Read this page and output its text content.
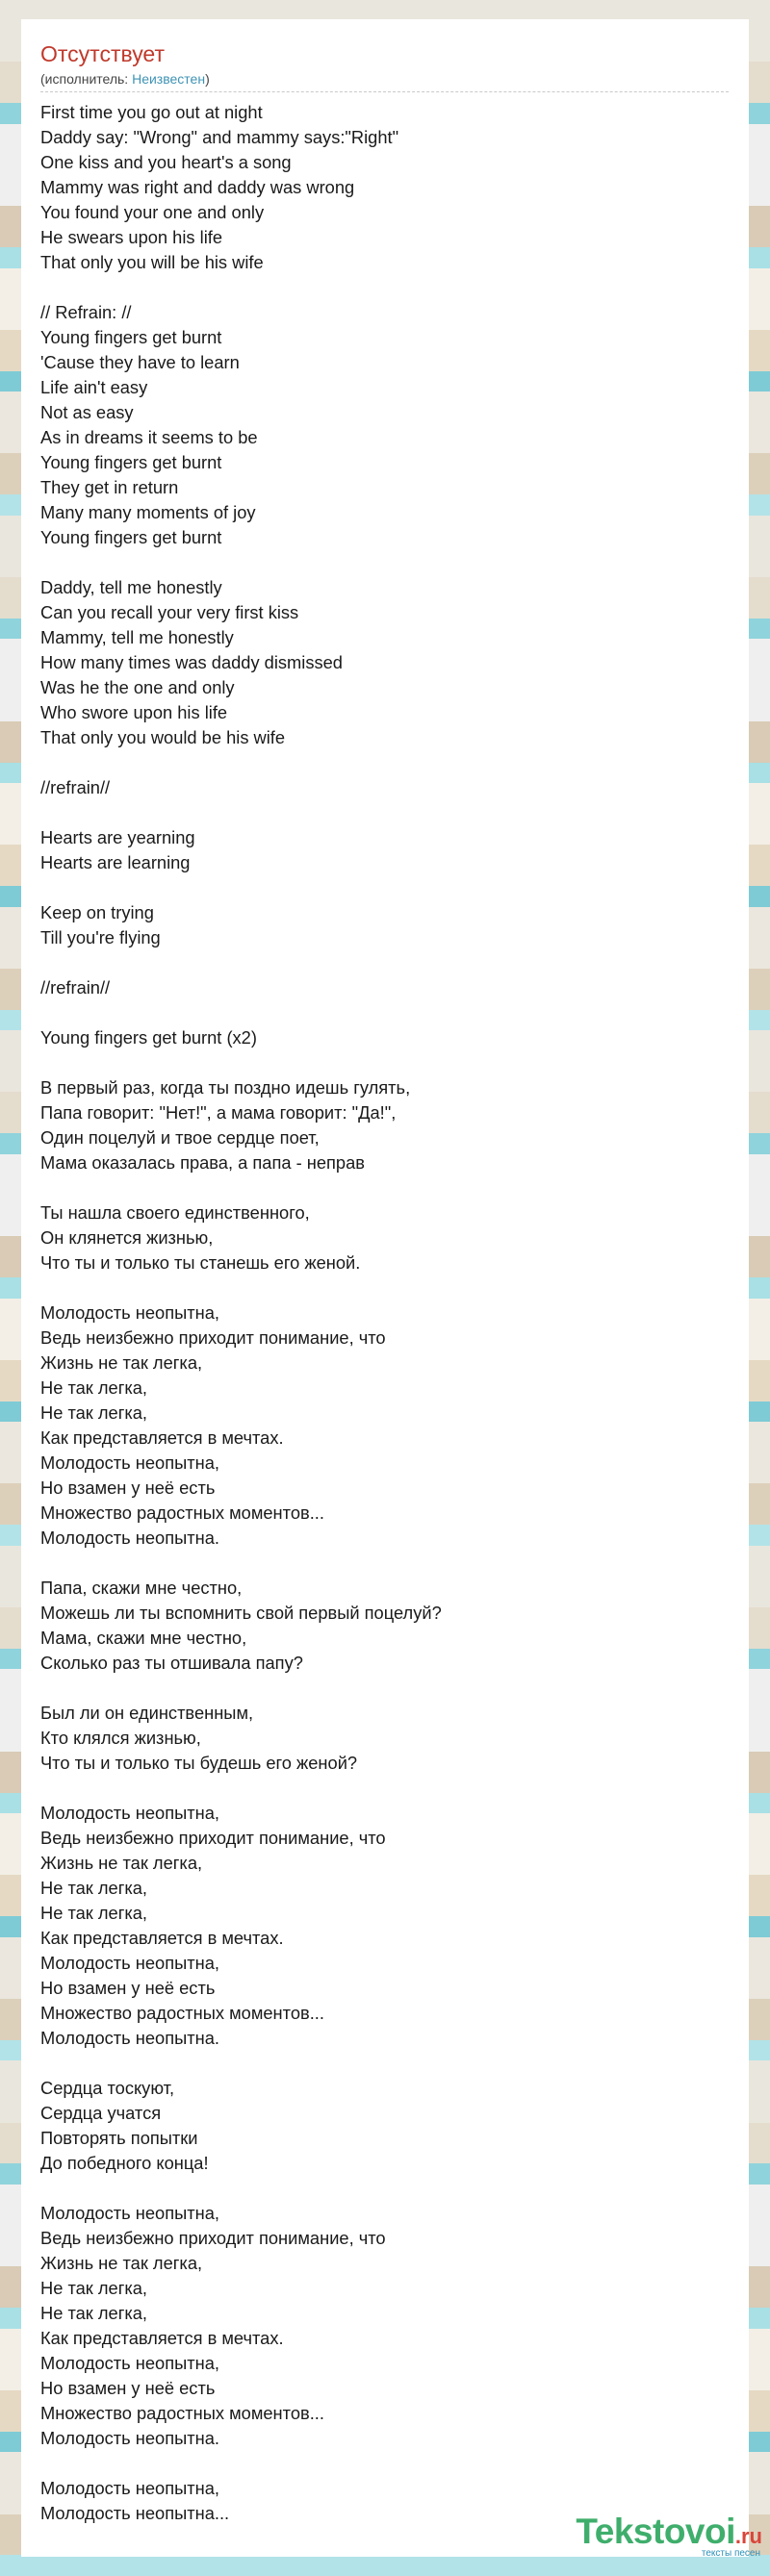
Отсутствует
(исполнитель: Неизвестен)
First time you go out at night
Daddy say: "Wrong" and mammy says:"Right"
One kiss and you heart's a song
Mammy was right and daddy was wrong
You found your one and only
He swears upon his life
That only you will be his wife
// Refrain: //
Young fingers get burnt
'Cause they have to learn
Life ain't easy
Not as easy
As in dreams it seems to be
Young fingers get burnt
They get in return
Many many moments of joy
Young fingers get burnt
Daddy, tell me honestly
Can you recall your very first kiss
Mammy, tell me honestly
How many times was daddy dismissed
Was he the one and only
Who swore upon his life
That only you would be his wife
//refrain//
Hearts are yearning
Hearts are learning
Keep on trying
Till you're flying
//refrain//
Young fingers get burnt (x2)
В первый раз, когда ты поздно идешь гулять,
Папа говорит: "Нет!", а мама говорит: "Да!",
Один поцелуй и твое сердце поет,
Мама оказалась права, а папа - неправ
Ты нашла своего единственного,
Он клянется жизнью,
Что ты и только ты станешь его женой.
Молодость неопытна,
Ведь неизбежно приходит понимание, что
Жизнь не так легка,
Не так легка,
Не так легка,
Как представляется в мечтах.
Молодость неопытна,
Но взамен у неё есть
Множество радостных моментов...
Молодость неопытна.
Папа, скажи мне честно,
Можешь ли ты вспомнить свой первый поцелуй?
Мама, скажи мне честно,
Сколько раз ты отшивала папу?
Был ли он единственным,
Кто клялся жизнью,
Что ты и только ты будешь его женой?
Молодость неопытна,
Ведь неизбежно приходит понимание, что
Жизнь не так легка,
Не так легка,
Не так легка,
Как представляется в мечтах.
Молодость неопытна,
Но взамен у неё есть
Множество радостных моментов...
Молодость неопытна.
Сердца тоскуют,
Сердца учатся
Повторять попытки
До победного конца!
Молодость неопытна,
Ведь неизбежно приходит понимание, что
Жизнь не так легка,
Не так легка,
Не так легка,
Как представляется в мечтах.
Молодость неопытна,
Но взамен у неё есть
Множество радостных моментов...
Молодость неопытна.
Молодость неопытна,
Молодость неопытна...	Tekstovoi.ru
тексты песен
